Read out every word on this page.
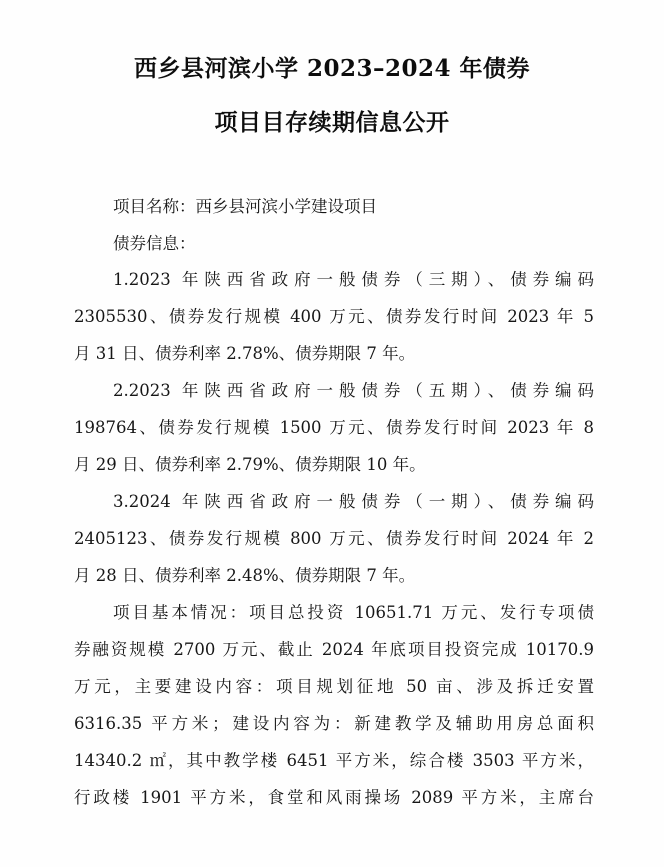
西乡县河滨小学 2023–2024 年债券
项目目存续期信息公开
项目名称：西乡县河滨小学建设项目
债券信息：
1.2023 年陕西省政府一般债券（三期）、债券编码
2305530、债券发行规模 400 万元、债券发行时间 2023 年 5
月 31 日、债券利率 2.78%、债券期限 7 年。
2.2023 年陕西省政府一般债券（五期）、债券编码
198764、债券发行规模 1500 万元、债券发行时间 2023 年 8
月 29 日、债券利率 2.79%、债券期限 10 年。
3.2024 年陕西省政府一般债券（一期）、债券编码
2405123、债券发行规模 800 万元、债券发行时间 2024 年 2
月 28 日、债券利率 2.48%、债券期限 7 年。
项目基本情况：项目总投资 10651.71 万元、发行专项债
券融资规模 2700 万元、截止 2024 年底项目投资完成 10170.9
万元，主要建设内容：项目规划征地 50 亩、涉及拆迁安置
6316.35 平方米；建设内容为：新建教学及辅助用房总面积
14340.2 ㎡，其中教学楼 6451 平方米，综合楼 3503 平方米，
行政楼 1901 平方米，食堂和风雨操场 2089 平方米，主席台
